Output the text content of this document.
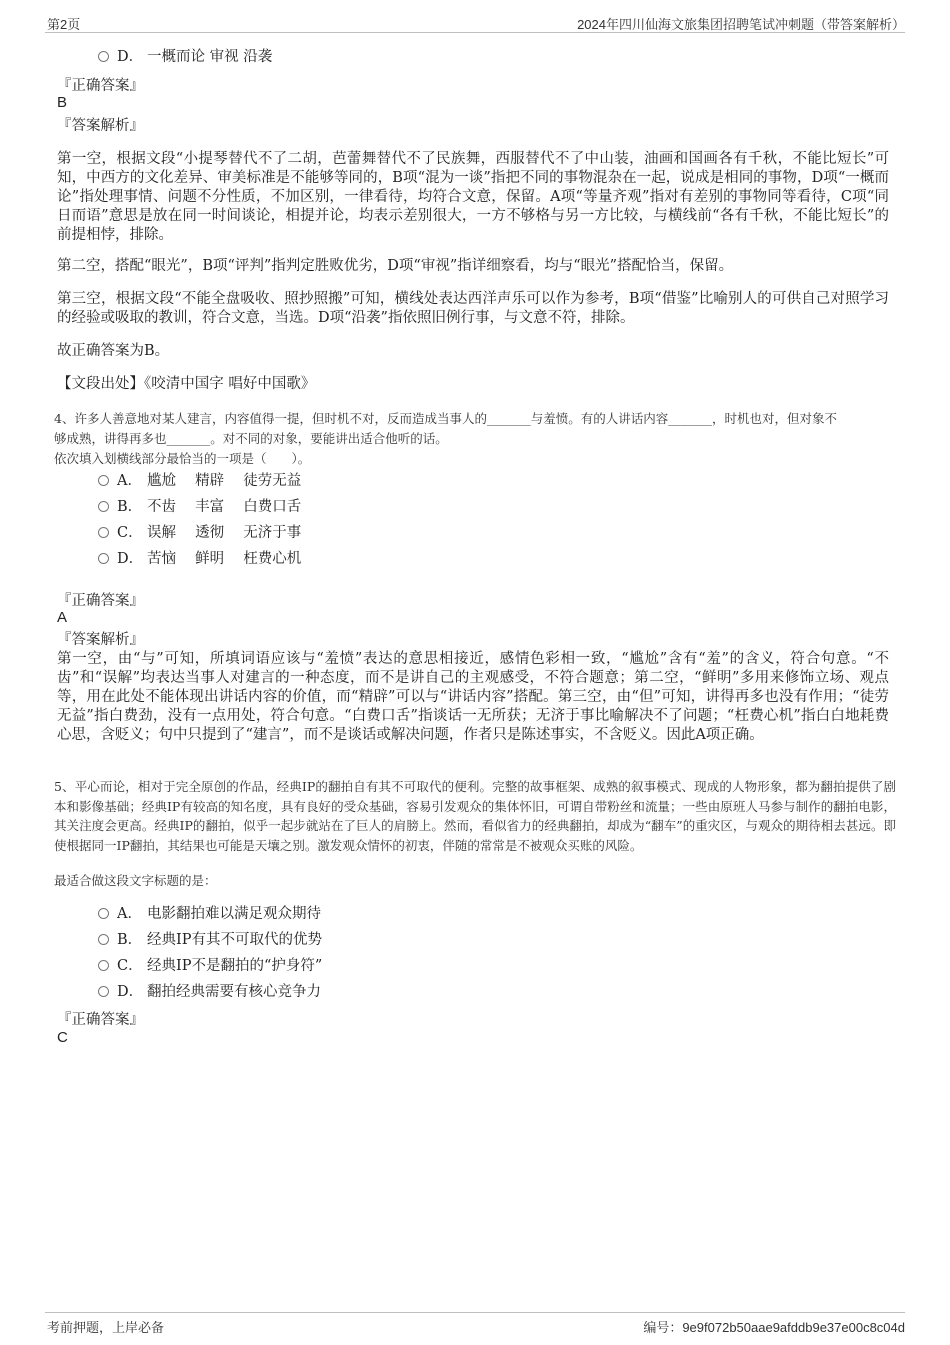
第2页	2024年四川仙海文旅集团招聘笔试冲刺题（带答案解析）
D． 一概而论 审视 沿袭
『正确答案』
B
『答案解析』
第一空，根据文段“小提琴替代不了二胡，芭蕾舞替代不了民族舞，西服替代不了中山装，油画和国画各有千秋，不能比短长”可知，中西方的文化差异、审美标准是不能够等同的，B项“混为一谈”指把不同的事物混杂在一起，说成是相同的事物，D项“一概而论”指处理事情、问题不分性质，不加区别，一律看待，均符合文意，保留。A项“等量齐观”指对有差别的事物同等看待，C项“同日而语”意思是放在同一时间谈论，相提并论，均表示差别很大，一方不够格与另一方比较，与横线前“各有千秋，不能比短长”的前提相悖，排除。
第二空，搭配“眼光”，B项“评判”指判定胜败优劣，D项“审视”指详细察看，均与“眼光”搭配恰当，保留。
第三空，根据文段“不能全盘吸收、照抄照搬”可知，横线处表达西洋声乐可以作为参考，B项“借鉴”比喻别人的可供自己对照学习的经验或吸取的教训，符合文意，当选。D项“沿袭”指依照旧例行事，与文意不符，排除。
故正确答案为B。
【文段出处】《咬清中国字 唱好中国歌》
4、许多人善意地对某人建言，内容值得一提，但时机不对，反而造成当事人的_______与羞愤。有的人讲话内容_______，时机也对，但对象不
够成熟，讲得再多也_______。对不同的对象，要能讲出适合他听的话。
依次填入划横线部分最恰当的一项是（　　）。
A． 尴尬　 精辟　 徒劳无益
B． 不齿　 丰富　 白费口舌
C． 误解　 透彻　 无济于事
D． 苦恼　 鲜明　 枉费心机
『正确答案』
A
『答案解析』
第一空，由“与”可知，所填词语应该与“羞愤”表达的意思相接近，感情色彩相一致，“尴尬”含有“羞”的含义，符合句意。“不齿”和“误解”均表达当事人对建言的一种态度，而不是讲自己的主观感受，不符合题意；第二空，“鲜明”多用来修饰立场、观点等，用在此处不能体现出讲话内容的价值，而“精辟”可以与“讲话内容”搭配。第三空，由“但”可知，讲得再多也没有作用；“徒劳无益”指白费劲，没有一点用处，符合句意。“白费口舌”指谈话一无所获；无济于事比喻解决不了问题；“枉费心机”指白白地耗费心思，含贬义；句中只提到了“建言”，而不是谈话或解决问题，作者只是陈述事实，不含贬义。因此A项正确。
5、平心而论，相对于完全原创的作品，经典IP的翻拍自有其不可取代的便利。完整的故事框架、成熟的叙事模式、现成的人物形象，都为翻拍提供了剧本和影像基础；经典IP有较高的知名度，具有良好的受众基础，容易引发观众的集体怀旧，可谓自带粉丝和流量；一些由原班人马参与制作的翻拍电影，其关注度会更高。经典IP的翻拍，似乎一起步就站在了巨人的肩膀上。然而，看似省力的经典翻拍，却成为“翻车”的重灾区，与观众的期待相去甚远。即使根据同一IP翻拍，其结果也可能是天壤之别。激发观众情怀的初衷，伴随的常常是不被观众买账的风险。
最适合做这段文字标题的是：
A． 电影翻拍难以满足观众期待
B． 经典IP有其不可取代的优势
C． 经典IP不是翻拍的“护身符”
D． 翻拍经典需要有核心竞争力
『正确答案』
C
考前押题，上岸必备	编号：9e9f072b50aae9afddb9e37e00c8c04d
